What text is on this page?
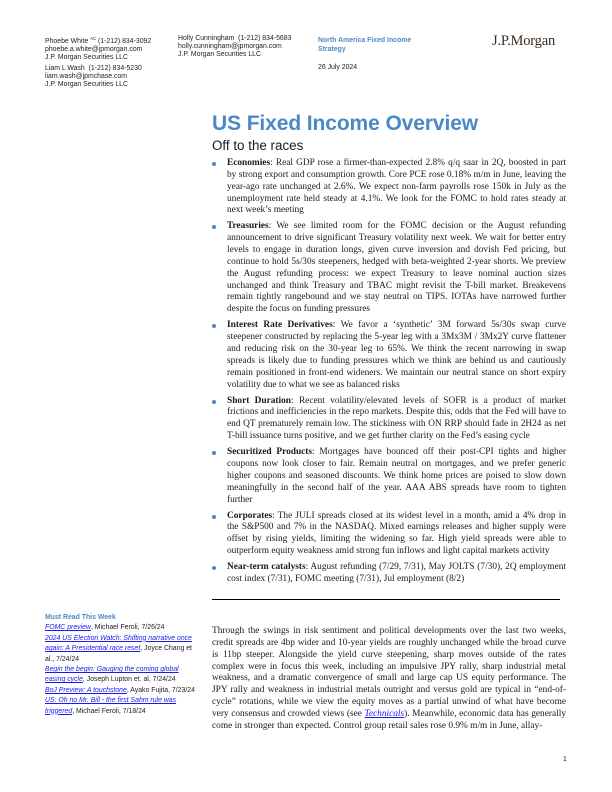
Phoebe White $^{AC}$ (1-212) 834-3092
phoebe.a.white@jpmorgan.com
J.P. Morgan Securities LLC
Liam L Wash (1-212) 834-5230
liam.wash@jpmchase.com
J.P. Morgan Securities LLC
Holly Cunningham (1-212) 834-5683
holly.cunningham@jpmorgan.com
J.P. Morgan Securities LLC
North America Fixed Income Strategy
26 July 2024
J.P.Morgan
US Fixed Income Overview
Off to the races
Economies: Real GDP rose a firmer-than-expected 2.8% q/q saar in 2Q, boosted in part by strong export and consumption growth. Core PCE rose 0.18% m/m in June, leaving the year-ago rate unchanged at 2.6%. We expect non-farm payrolls rose 150k in July as the unemployment rate held steady at 4.1%. We look for the FOMC to hold rates steady at next week’s meeting
Treasuries: We see limited room for the FOMC decision or the August refunding announcement to drive significant Treasury volatility next week. We wait for better entry levels to engage in duration longs, given curve inversion and dovish Fed pricing, but continue to hold 5s/30s steepeners, hedged with beta-weighted 2-year shorts. We preview the August refunding process: we expect Treasury to leave nominal auction sizes unchanged and think Treasury and TBAC might revisit the T-bill market. Breakevens remain tightly rangebound and we stay neutral on TIPS. IOTAs have narrowed further despite the focus on funding pressures
Interest Rate Derivatives: We favor a ‘synthetic’ 3M forward 5s/30s swap curve steepener constructed by replacing the 5-year leg with a 3Mx3M / 3Mx2Y curve flattener and reducing risk on the 30-year leg to 65%. We think the recent narrowing in swap spreads is likely due to funding pressures which we think are behind us and cautiously remain positioned in front-end wideners. We maintain our neutral stance on short expiry volatility due to what we see as balanced risks
Short Duration: Recent volatility/elevated levels of SOFR is a product of market frictions and inefficiencies in the repo markets. Despite this, odds that the Fed will have to end QT prematurely remain low. The stickiness with ON RRP should fade in 2H24 as net T-bill issuance turns positive, and we get further clarity on the Fed’s easing cycle
Securitized Products: Mortgages have bounced off their post-CPI tights and higher coupons now look closer to fair. Remain neutral on mortgages, and we prefer generic higher coupons and seasoned discounts. We think home prices are poised to slow down meaningfully in the second half of the year. AAA ABS spreads have room to tighten further
Corporates: The JULI spreads closed at its widest level in a month, amid a 4% drop in the S&P500 and 7% in the NASDAQ. Mixed earnings releases and higher supply were offset by rising yields, limiting the widening so far. High yield spreads were able to outperform equity weakness amid strong fun inflows and light capital markets activity
Near-term catalysts: August refunding (7/29, 7/31), May JOLTS (7/30), 2Q employment cost index (7/31), FOMC meeting (7/31), Jul employment (8/2)
Must Read This Week
FOMC preview, Michael Feroli, 7/26/24
2024 US Election Watch: Shifting narrative once again: A Presidential race reset, Joyce Chang et al., 7/24/24
Begin the begin: Gauging the coming global easing cycle, Joseph Lupton et. al, 7/24/24
BoJ Preview: A touchstone, Ayako Fujita, 7/23/24
US: Oh no Mr. Bill - the first Sahm rule was triggered, Michael Feroli, 7/18/24
Through the swings in risk sentiment and political developments over the last two weeks, credit spreads are 4bp wider and 10-year yields are roughly unchanged while the broad curve is 11bp steeper. Alongside the yield curve steepening, sharp moves outside of the rates complex were in focus this week, including an impulsive JPY rally, sharp industrial metal weakness, and a dramatic convergence of small and large cap US equity performance. The JPY rally and weakness in industrial metals outright and versus gold are typical in “end-of-cycle” rotations, while we view the equity moves as a partial unwind of what have become very consensus and crowded views (see Technicals). Meanwhile, economic data has generally come in stronger than expected. Control group retail sales rose 0.9% m/m in June, allay-
1
